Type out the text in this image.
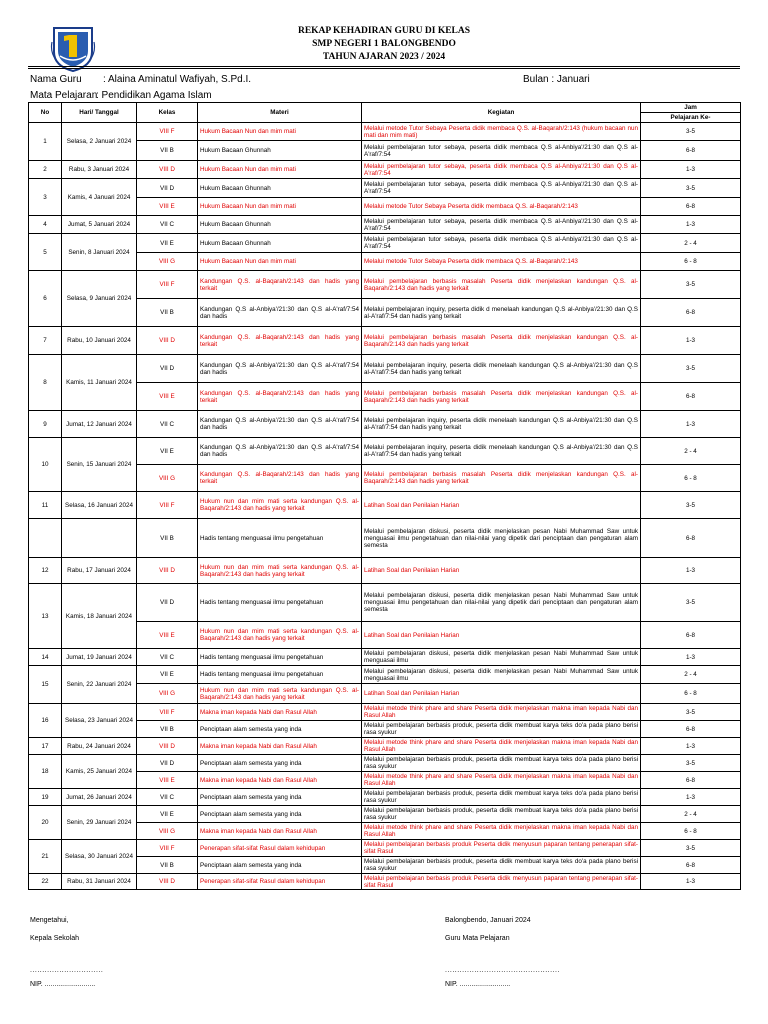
REKAP KEHADIRAN GURU DI KELAS
SMP NEGERI 1 BALONGBENDO
TAHUN AJARAN 2023 / 2024
Nama Guru : Alaina Aminatul Wafiyah, S.Pd.I.	Bulan : Januari
Mata Pelajaran
: Pendidikan Agama Islam
No	Hari/ Tanggal	Kelas	Materi	Kegiatan	Jam
					Pelajaran Ke-
1	Selasa, 2 Januari 2024	VIII F	Hukum Bacaan Nun dan mim mati	Melalui metode Tutor Sebaya Peserta didik membaca Q.S. al-Baqarah/2:143 (hukum bacaan nun mati dan mim mati)	3-5
		VII B	Hukum Bacaan Ghunnah	Melalui pembelajaran tutor sebaya, peserta didik membaca Q.S al-Anbiya'/21:30 dan Q.S al-A'raf/7:54	6-8
2	Rabu, 3 Januari 2024	VIII D	Hukum Bacaan Nun dan mim mati	Melalui pembelajaran tutor sebaya, peserta didik membaca Q.S al-Anbiya'/21:30 dan Q.S al-A'raf/7:54	1-3
3	Kamis, 4 Januari 2024	VII D	Hukum Bacaan Ghunnah	Melalui pembelajaran tutor sebaya, peserta didik membaca Q.S al-Anbiya'/21:30 dan Q.S al-A'raf/7:54	3-5
		VIII E	Hukum Bacaan Nun dan mim mati	Melalui metode Tutor Sebaya Peserta didik membaca Q.S. al-Baqarah/2:143	6-8
4	Jumat, 5 Januari 2024	VII C	Hukum Bacaan Ghunnah	Melalui pembelajaran tutor sebaya, peserta didik membaca Q.S al-Anbiya'/21:30 dan Q.S al-A'raf/7:54	1-3
5	Senin, 8 Januari 2024	VII E	Hukum Bacaan Ghunnah	Melalui pembelajaran tutor sebaya, peserta didik membaca Q.S al-Anbiya'/21:30 dan Q.S al-A'raf/7:54	2 - 4
		VIII G	Hukum Bacaan Nun dan mim mati	Melalui metode Tutor Sebaya Peserta didik membaca Q.S. al-Baqarah/2:143	6 - 8
6	Selasa, 9 Januari 2024	VIII F	Kandungan Q.S. al-Baqarah/2:143 dan hadis yang terkait	Melalui pembelajaran berbasis masalah Peserta didik menjelaskan kandungan Q.S. al-Baqarah/2:143 dan hadis yang terkait	3-5
		VII B	Kandungan Q.S al-Anbiya'/21:30 dan Q.S al-A'raf/7:54 dan hadis	Melalui pembelajaran inquiry, peserta didik d menelaah kandungan Q.S al-Anbiya'/21:30 dan Q.S al-A'raf/7:54 dan hadis yang terkait	6-8
7	Rabu, 10 Januari 2024	VIII D	Kandungan Q.S. al-Baqarah/2:143 dan hadis yang terkait	Melalui pembelajaran berbasis masalah Peserta didik menjelaskan kandungan Q.S. al-Baqarah/2:143 dan hadis yang terkait	1-3
8	Kamis, 11 Januari 2024	VII D	Kandungan Q.S al-Anbiya'/21:30 dan Q.S al-A'raf/7:54 dan hadis	Melalui pembelajaran inquiry, peserta didik menelaah kandungan Q.S al-Anbiya'/21:30 dan Q.S al-A'raf/7:54 dan hadis yang terkait	3-5
		VIII E	Kandungan Q.S. al-Baqarah/2:143 dan hadis yang terkait	Melalui pembelajaran berbasis masalah Peserta didik menjelaskan kandungan Q.S. al-Baqarah/2:143 dan hadis yang terkait	6-8
9	Jumat, 12 Januari 2024	VII C	Kandungan Q.S al-Anbiya'/21:30 dan Q.S al-A'raf/7:54 dan hadis	Melalui pembelajaran inquiry, peserta didik menelaah kandungan Q.S al-Anbiya'/21:30 dan Q.S al-A'raf/7:54 dan hadis yang terkait	1-3
10	Senin, 15 Januari 2024	VII E	Kandungan Q.S al-Anbiya'/21:30 dan Q.S al-A'raf/7:54 dan hadis	Melalui pembelajaran inquiry, peserta didik menelaah kandungan Q.S al-Anbiya'/21:30 dan Q.S al-A'raf/7:54 dan hadis yang terkait	2 - 4
		VIII G	Kandungan Q.S. al-Baqarah/2:143 dan hadis yang terkait	Melalui pembelajaran berbasis masalah Peserta didik menjelaskan kandungan Q.S. al-Baqarah/2:143 dan hadis yang terkait	6 - 8
11	Selasa, 16 Januari 2024	VIII F	Hukum nun dan mim mati serta kandungan Q.S. al-Baqarah/2:143 dan hadis yang terkait	Latihan Soal dan Penilaian Harian	3-5
		VII B	Hadis tentang menguasai ilmu pengetahuan	Melalui pembelajaran diskusi, peserta didik menjelaskan pesan Nabi Muhammad Saw untuk menguasai ilmu pengetahuan dan nilai-nilai yang dipetik dari penciptaan dan pengaturan alam semesta	6-8
12	Rabu, 17 Januari 2024	VIII D	Hukum nun dan mim mati serta kandungan Q.S. al-Baqarah/2:143 dan hadis yang terkait	Latihan Soal dan Penilaian Harian	1-3
13	Kamis, 18 Januari 2024	VII D	Hadis tentang menguasai ilmu pengetahuan	Melalui pembelajaran diskusi, peserta didik menjelaskan pesan Nabi Muhammad Saw untuk menguasai ilmu pengetahuan dan nilai-nilai yang dipetik dari penciptaan dan pengaturan alam semesta	3-5
		VIII E	Hukum nun dan mim mati serta kandungan Q.S. al-Baqarah/2:143 dan hadis yang terkait	Latihan Soal dan Penilaian Harian	6-8
14	Jumat, 19 Januari 2024	VII C	Hadis tentang menguasai ilmu pengetahuan	Melalui pembelajaran diskusi, peserta didik menjelaskan pesan Nabi Muhammad Saw untuk menguasai ilmu	1-3
15	Senin, 22 Januari 2024	VII E	Hadis tentang menguasai ilmu pengetahuan	Melalui pembelajaran diskusi, peserta didik menjelaskan pesan Nabi Muhammad Saw untuk menguasai ilmu	2 - 4
		VIII G	Hukum nun dan mim mati serta kandungan Q.S. al-Baqarah/2:143 dan hadis yang terkait	Latihan Soal dan Penilaian Harian	6 - 8
16	Selasa, 23 Januari 2024	VIII F	Makna iman kepada Nabi dan Rasul Allah	Melalui metode think phare and share Peserta didik menjelaskan makna iman kepada Nabi dan Rasul Allah	3-5
		VII B	Penciptaan alam semesta yang inda	Melalui pembelajaran berbasis produk, peserta didik membuat karya teks do'a pada plano berisi rasa syukur	6-8
17	Rabu, 24 Januari 2024	VIII D	Makna iman kepada Nabi dan Rasul Allah	Melalui metode think phare and share Peserta didik menjelaskan makna iman kepada Nabi dan Rasul Allah	1-3
18	Kamis, 25 Januari 2024	VII D	Penciptaan alam semesta yang inda	Melalui pembelajaran berbasis produk, peserta didik membuat karya teks do'a pada plano berisi rasa syukur	3-5
		VIII E	Makna iman kepada Nabi dan Rasul Allah	Melalui metode think phare and share Peserta didik menjelaskan makna iman kepada Nabi dan Rasul Allah	6-8
19	Jumat, 26 Januari 2024	VII C	Penciptaan alam semesta yang inda	Melalui pembelajaran berbasis produk, peserta didik membuat karya teks do'a pada plano berisi rasa syukur	1-3
20	Senin, 29 Januari 2024	VII E	Penciptaan alam semesta yang inda	Melalui pembelajaran berbasis produk, peserta didik membuat karya teks do'a pada plano berisi rasa syukur	2 - 4
		VIII G	Makna iman kepada Nabi dan Rasul Allah	Melalui metode think phare and share Peserta didik menjelaskan makna iman kepada Nabi dan Rasul Allah	6 - 8
21	Selasa, 30 Januari 2024	VIII F	Penerapan sifat-sifat Rasul dalam kehidupan	Melalui pembelajaran berbasis produk Peserta didik menyusun paparan tentang penerapan sifat-sifat Rasul	3-5
		VII B	Penciptaan alam semesta yang inda	Melalui pembelajaran berbasis produk, peserta didik membuat karya teks do'a pada plano berisi rasa syukur	6-8
22	Rabu, 31 Januari 2024	VIII D	Penerapan sifat-sifat Rasul dalam kehidupan	Melalui pembelajaran berbasis produk Peserta didik menyusun paparan tentang penerapan sifat-sifat Rasul	1-3
Mengetahui,
Kepala Sekolah
Balongbendo, Januari 2024
Guru Mata Pelajaran
..............................	...............................................
NIP. ..........................	NIP. ..........................
